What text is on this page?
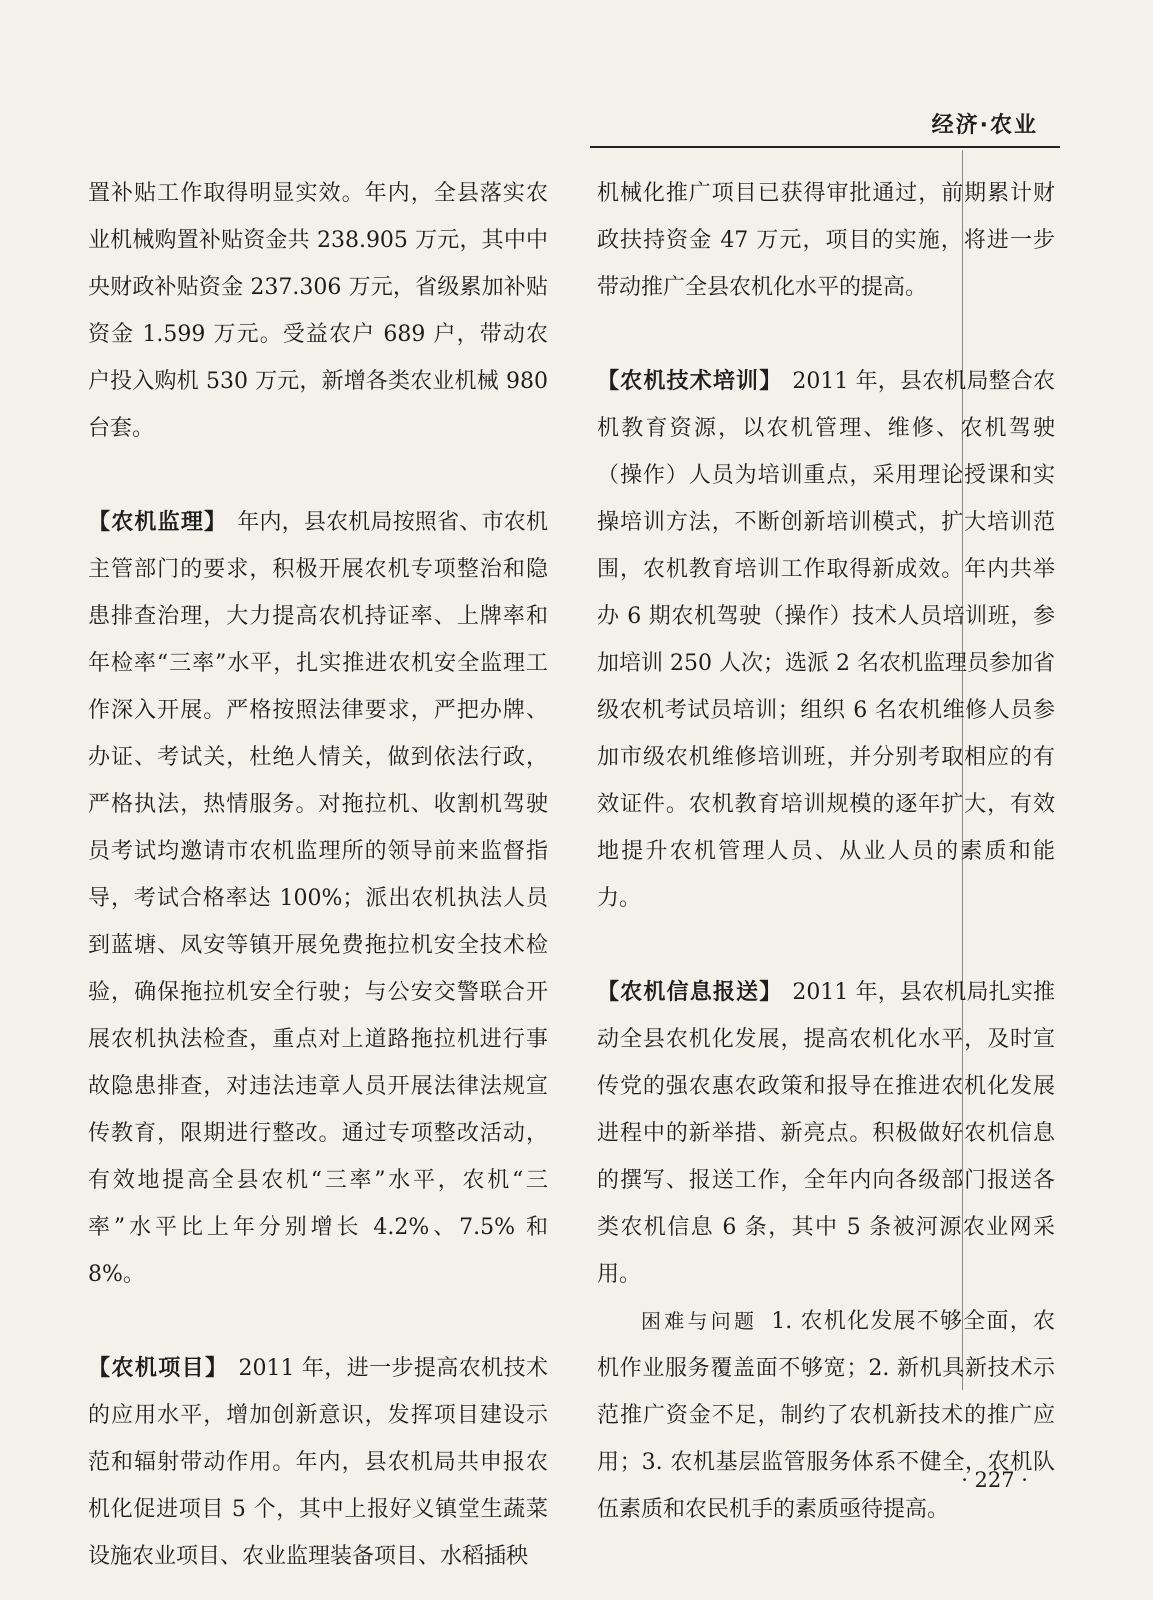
经济·农业

置补贴工作取得明显实效。年内，全县落实农业机械购置补贴资金共 238.905 万元，其中中央财政补贴资金 237.306 万元，省级累加补贴资金 1.599 万元。受益农户 689 户，带动农户投入购机 530 万元，新增各类农业机械 980 台套。

【农机监理】 年内，县农机局按照省、市农机主管部门的要求，积极开展农机专项整治和隐患排查治理，大力提高农机持证率、上牌率和年检率“三率”水平，扎实推进农机安全监理工作深入开展。严格按照法律要求，严把办牌、办证、考试关，杜绝人情关，做到依法行政，严格执法，热情服务。对拖拉机、收割机驾驶员考试均邀请市农机监理所的领导前来监督指导，考试合格率达 100%；派出农机执法人员到蓝塘、凤安等镇开展免费拖拉机安全技术检验，确保拖拉机安全行驶；与公安交警联合开展农机执法检查，重点对上道路拖拉机进行事故隐患排查，对违法违章人员开展法律法规宣传教育，限期进行整改。通过专项整改活动，有效地提高全县农机“三率”水平，农机“三率”水平比上年分别增长 4.2%、7.5% 和 8%。

【农机项目】 2011 年，进一步提高农机技术的应用水平，增加创新意识，发挥项目建设示范和辐射带动作用。年内，县农机局共申报农机化促进项目 5 个，其中上报好义镇堂生蔬菜设施农业项目、农业监理装备项目、水稻插秧

机械化推广项目已获得审批通过，前期累计财政扶持资金 47 万元，项目的实施，将进一步带动推广全县农机化水平的提高。

【农机技术培训】 2011 年，县农机局整合农机教育资源，以农机管理、维修、农机驾驶（操作）人员为培训重点，采用理论授课和实操培训方法，不断创新培训模式，扩大培训范围，农机教育培训工作取得新成效。年内共举办 6 期农机驾驶（操作）技术人员培训班，参加培训 250 人次；选派 2 名农机监理员参加省级农机考试员培训；组织 6 名农机维修人员参加市级农机维修培训班，并分别考取相应的有效证件。农机教育培训规模的逐年扩大，有效地提升农机管理人员、从业人员的素质和能力。

【农机信息报送】 2011 年，县农机局扎实推动全县农机化发展，提高农机化水平，及时宣传党的强农惠农政策和报导在推进农机化发展进程中的新举措、新亮点。积极做好农机信息的撰写、报送工作，全年内向各级部门报送各类农机信息 6 条，其中 5 条被河源农业网采用。

困难与问题 1. 农机化发展不够全面，农机作业服务覆盖面不够宽；2. 新机具新技术示范推广资金不足，制约了农机新技术的推广应用；3. 农机基层监管服务体系不健全，农机队伍素质和农民机手的素质亟待提高。

· 227 ·
